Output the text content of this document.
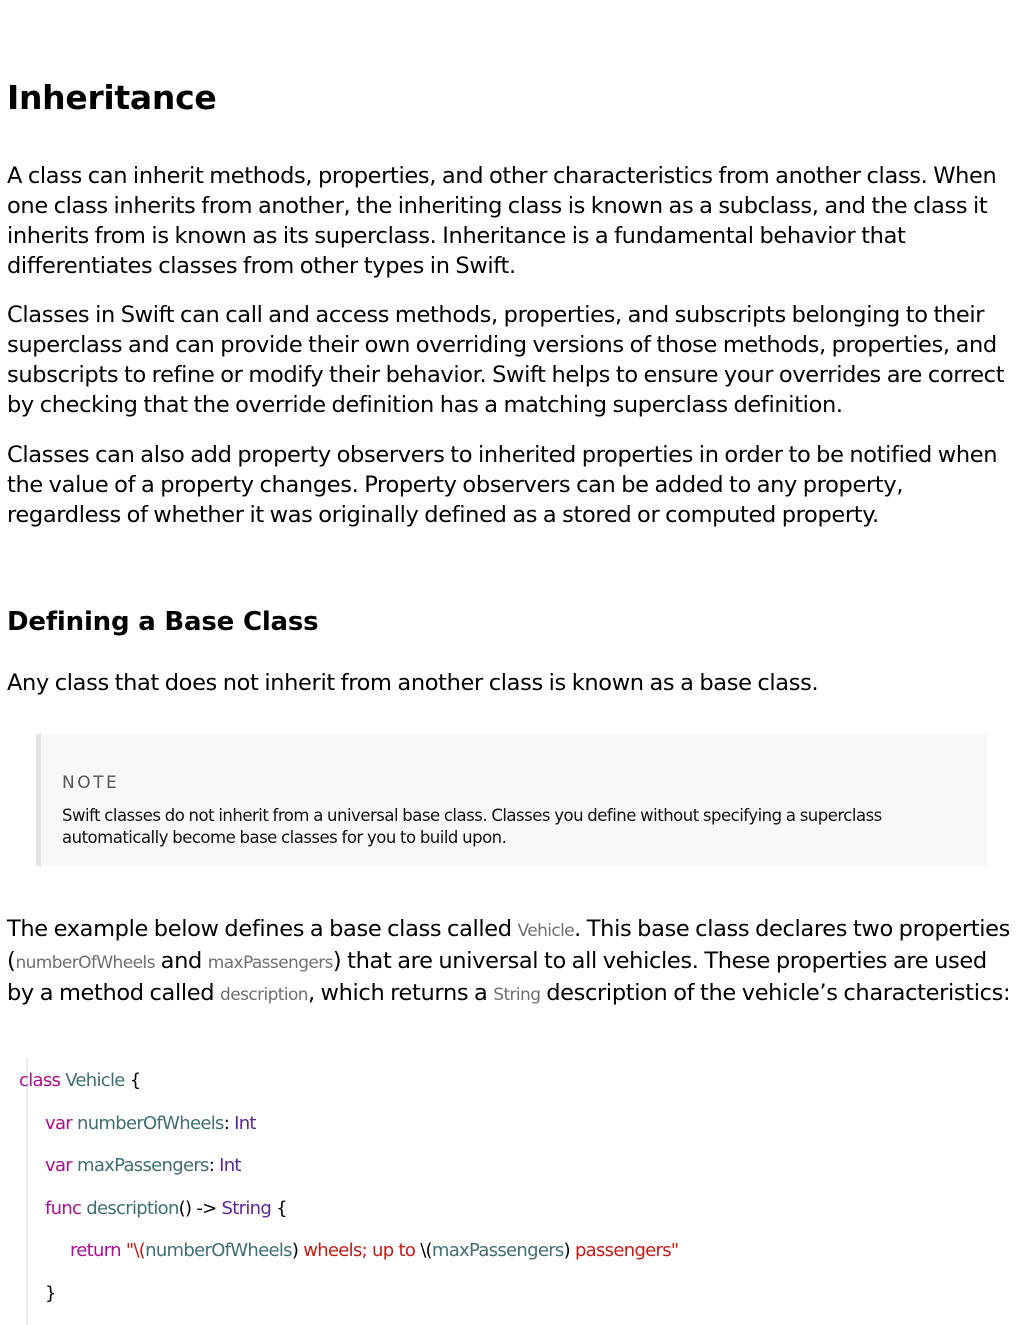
Inheritance

A class can inherit methods, properties, and other characteristics from another class. When one class inherits from another, the inheriting class is known as a subclass, and the class it inherits from is known as its superclass. Inheritance is a fundamental behavior that differentiates classes from other types in Swift.

Classes in Swift can call and access methods, properties, and subscripts belonging to their superclass and can provide their own overriding versions of those methods, properties, and subscripts to refine or modify their behavior. Swift helps to ensure your overrides are correct by checking that the override definition has a matching superclass definition.

Classes can also add property observers to inherited properties in order to be notified when the value of a property changes. Property observers can be added to any property, regardless of whether it was originally defined as a stored or computed property.

Defining a Base Class

Any class that does not inherit from another class is known as a base class.

NOTE
Swift classes do not inherit from a universal base class. Classes you define without specifying a superclass automatically become base classes for you to build upon.

The example below defines a base class called Vehicle. This base class declares two properties (numberOfWheels and maxPassengers) that are universal to all vehicles. These properties are used by a method called description, which returns a String description of the vehicle’s characteristics:

class Vehicle {
var numberOfWheels: Int
var maxPassengers: Int
func description() -> String {
return "\(numberOfWheels) wheels; up to \(maxPassengers) passengers"
}
